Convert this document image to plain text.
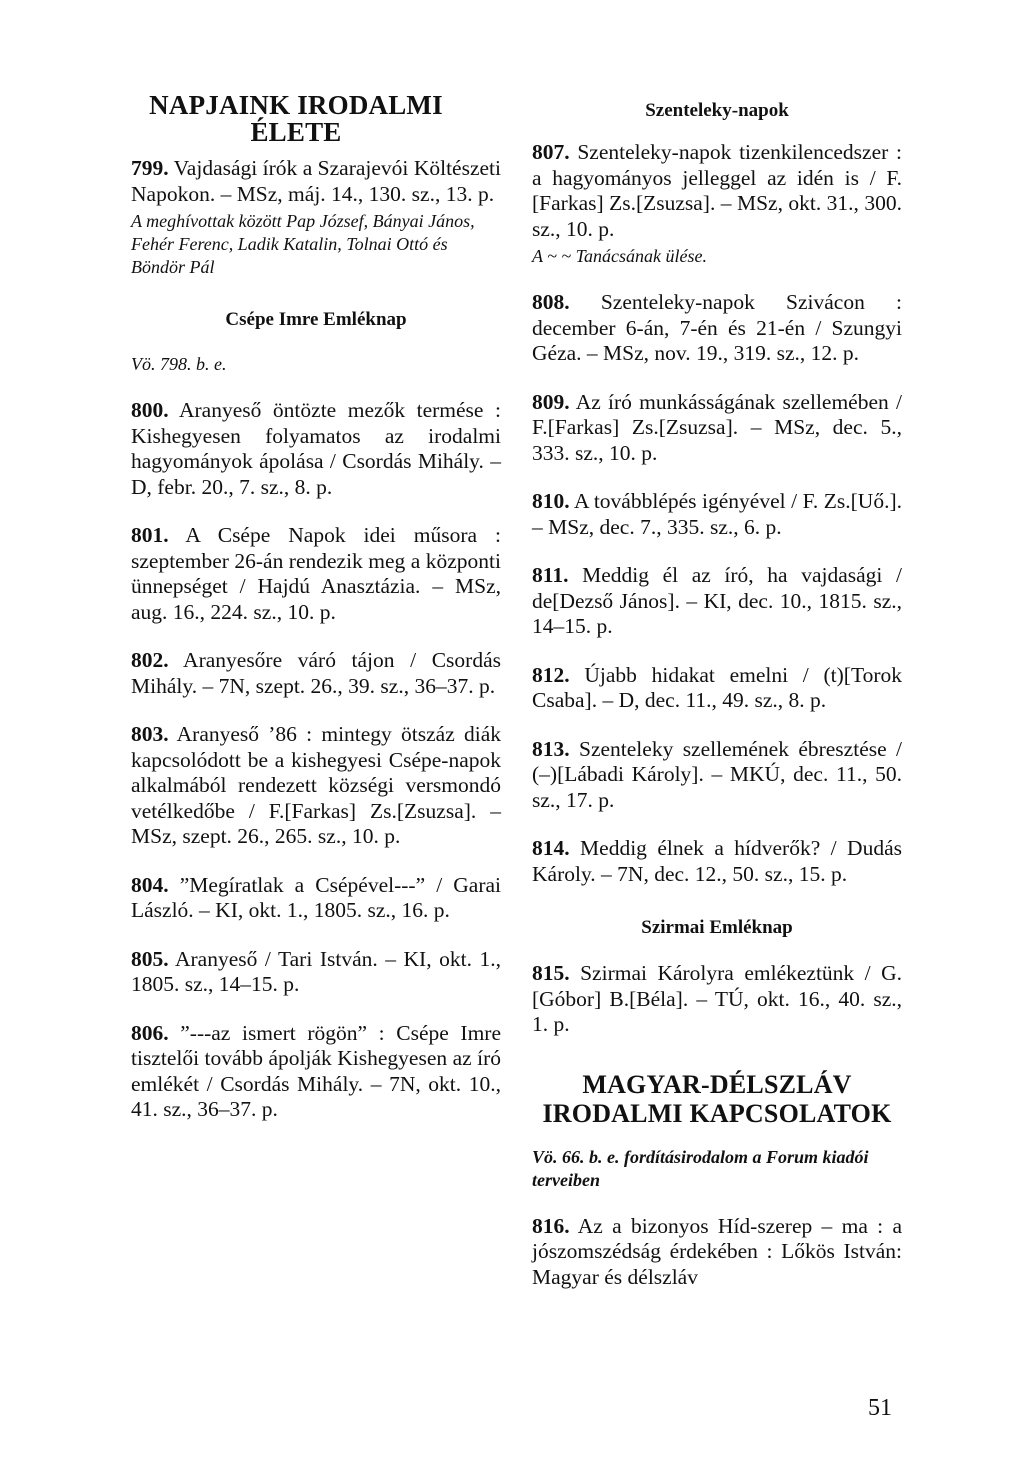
NAPJAINK IRODALMI ÉLETE

799. Vajdasági írók a Szarajevói Költészeti Napokon. – MSz, máj. 14., 130. sz., 13. p.

A meghívottak között Pap József, Bányai János, Fehér Ferenc, Ladik Katalin, Tolnai Ottó és Böndör Pál

Csépe Imre Emléknap

Vö. 798. b. e.

800. Aranyeső öntözte mezők termése : Kishegyesen folyamatos az irodalmi hagyományok ápolása / Csordás Mihály. – D, febr. 20., 7. sz., 8. p.

801. A Csépe Napok idei műsora : szeptember 26-án rendezik meg a központi ünnepséget / Hajdú Anasztázia. – MSz, aug. 16., 224. sz., 10. p.

802. Aranyesőre váró tájon / Csordás Mihály. – 7N, szept. 26., 39. sz., 36–37. p.

803. Aranyeső ’86 : mintegy ötszáz diák kapcsolódott be a kishegyesi Csépe-napok alkalmából rendezett községi versmondó vetélkedőbe / F.[Farkas] Zs.[Zsuzsa]. – MSz, szept. 26., 265. sz., 10. p.

804. ”Megíratlak a Csépével---” / Garai László. – KI, okt. 1., 1805. sz., 16. p.

805. Aranyeső / Tari István. – KI, okt. 1., 1805. sz., 14–15. p.

806. ”---az ismert rögön” : Csépe Imre tisztelői tovább ápolják Kishegyesen az író emlékét / Csordás Mihály. – 7N, okt. 10., 41. sz., 36–37. p.

Szenteleky-napok

807. Szenteleky-napok tizenkilencedszer : a hagyományos jelleggel az idén is / F.[Farkas] Zs.[Zsuzsa]. – MSz, okt. 31., 300. sz., 10. p.

A ~ ~ Tanácsának ülése.

808. Szenteleky-napok Szivácon : december 6-án, 7-én és 21-én / Szungyi Géza. – MSz, nov. 19., 319. sz., 12. p.

809. Az író munkásságának szellemében / F.[Farkas] Zs.[Zsuzsa]. – MSz, dec. 5., 333. sz., 10. p.

810. A továbblépés igényével / F. Zs.[Uő.]. – MSz, dec. 7., 335. sz., 6. p.

811. Meddig él az író, ha vajdasági / de[Dezső János]. – KI, dec. 10., 1815. sz., 14–15. p.

812. Újabb hidakat emelni / (t)[Torok Csaba]. – D, dec. 11., 49. sz., 8. p.

813. Szenteleky szellemének ébresztése / (–)[Lábadi Károly]. – MKÚ, dec. 11., 50. sz., 17. p.

814. Meddig élnek a hídverők? / Dudás Károly. – 7N, dec. 12., 50. sz., 15. p.

Szirmai Emléknap

815. Szirmai Károlyra emlékeztünk / G.[Góbor] B.[Béla]. – TÚ, okt. 16., 40. sz., 1. p.

MAGYAR-DÉLSZLÁV IRODALMI KAPCSOLATOK

Vö. 66. b. e. fordításirodalom a Forum kiadói terveiben

816. Az a bizonyos Híd-szerep – ma : a jószomszédság érdekében : Lőkös István: Magyar és délszláv

51
